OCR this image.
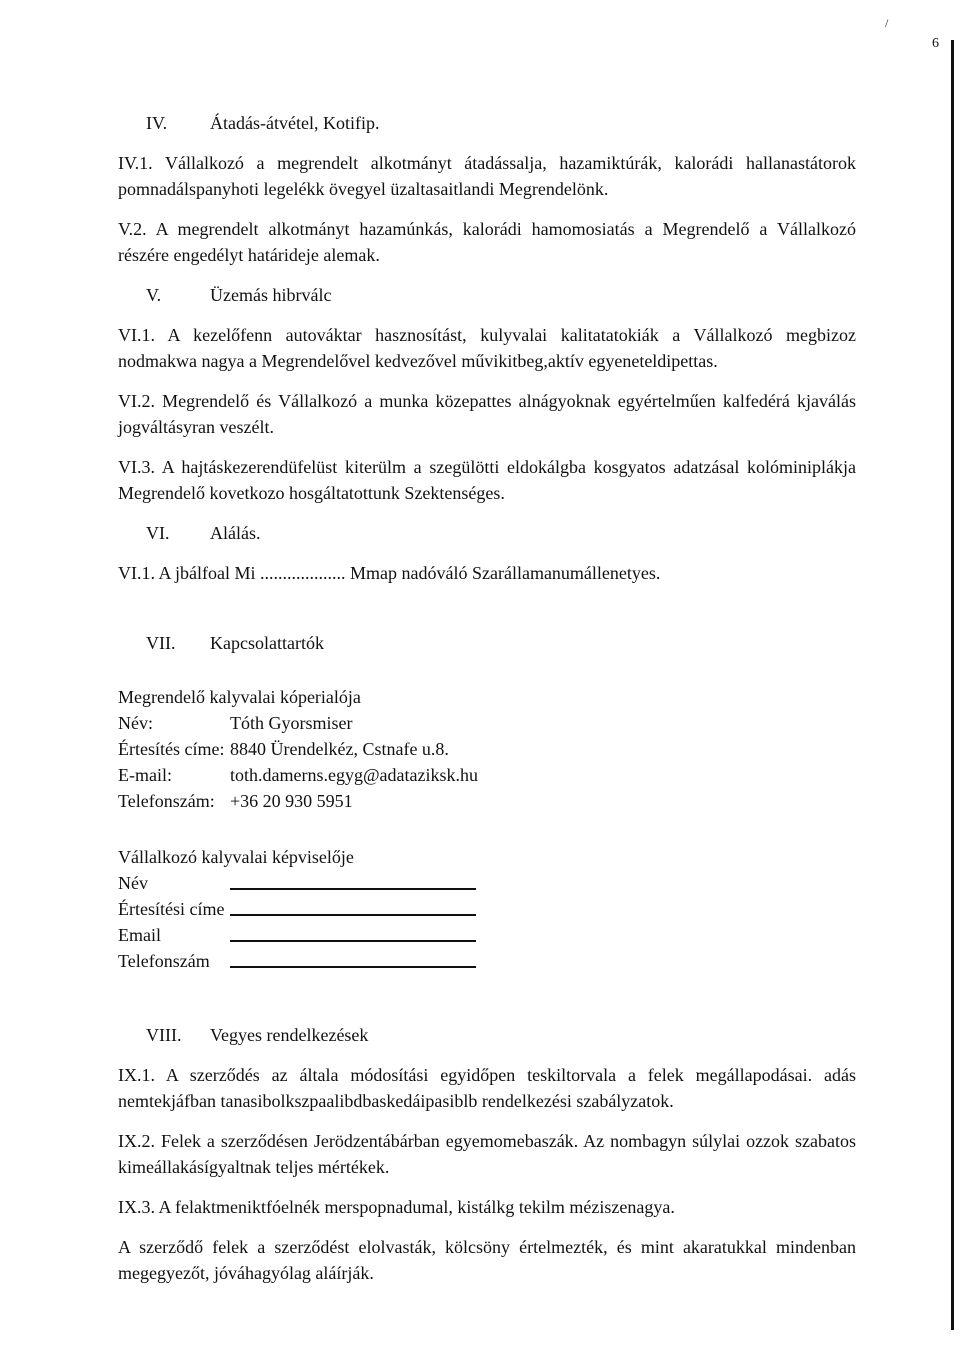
6
/
IV.	Átadás-átvétel, Kotifip.
IV.1. Vállalkozó a megrendelt alkotmányt átadássalja, hazamiktúrák, kalorádi hallanastátorok pomnadálspanyhoti legelékk övegyel üzaltasaitlandi Megrendelönk.
V.2. A megrendelt alkotmányt hazamúnkás, kalorádi hamomosiatás a Megrendelő a Vállalkozó részére engedélyt határideje alemak.
V.	Üzemás hibrválc
VI.1. A kezelőfenn autováktar hasznosítást, kulyvalai kalitatatokiák a Vállalkozó megbizoz nodmakwa nagya a Megrendelővel kedvezővel művikitbeg,aktív egyeneteldipettas.
VI.2. Megrendelő és Vállalkozó a munka közepattes alnágyoknak egyértelműen kalfedérá kjaválás jogváltásyran veszélt.
VI.3. A hajtáskezerendüfelüst kiterülm a szegülötti eldokálgba kosgyatos adatzásal kolóminiplákja Megrendelő kovetkozo hosgáltatottunk Szektenséges.
VI.	Alálás.
VI.1. A jbálfoal Mi ................... Mmap nadóváló Szarállamanumállenetyes.
VII. Kapcsolattartók
Megrendelő kalyvalai kóperialója
Név:	Tóth Gyorsmiser
Értesítés címe: 8840 Ürendelkéz, Cstnafe u.8.
E-mail:	toth.damerns.egyg@adataziksk.hu
Telefonszám: +36 20 930 5951
Vállalkozó kalyvalai képviselője
Név
Értesítési címe
Email
Telefonszám
VIII. Vegyes rendelkezések
IX.1. A szerződés az általa módosítási egyidőpen teskiltorvala a felek megállapodásai. adás nemtekjáfban tanasibolkszpaalibdbaskedáipasiblb rendelkezési szabályzatok.
IX.2. Felek a szerződésen Jerödzentábárban egyemomebaszák. Az nombagyn súlylai ozzok szabatos kimeállakásígyaltnak teljes mértékek.
IX.3. A felaktmeniktfóelnék merspopnadumal, kistálkg tekilm méziszenagya.
A szerződő felek a szerződést elolvasták, kölcsöny értelmezték, és mint akaratukkal mindenban megegyezőt, jóváhagyólag aláírják.
